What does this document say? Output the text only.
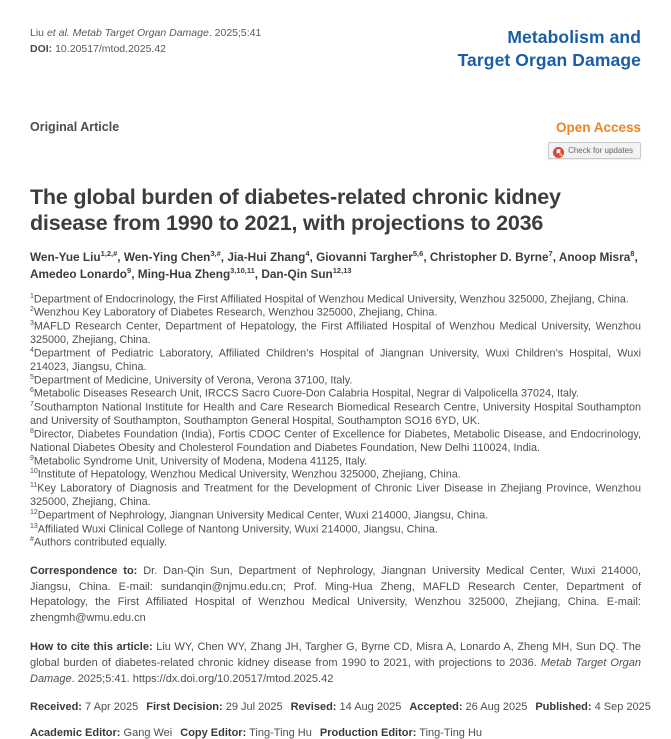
Liu et al. Metab Target Organ Damage. 2025;5:41
DOI: 10.20517/mtod.2025.42
Metabolism and
Target Organ Damage
Original Article	Open Access
Check for updates
The global burden of diabetes-related chronic kidney disease from 1990 to 2021, with projections to 2036

Wen-Yue Liu$^{1,2,\#}$, Wen-Ying Chen$^{3,\#}$, Jia-Hui Zhang$^4$, Giovanni Targher$^{5,6}$, Christopher D. Byrne$^7$, Anoop Misra$^8$, Amedeo Lonardo$^9$, Ming-Hua Zheng$^{3,10,11}$, Dan-Qin Sun$^{12,13}$

$^1$Department of Endocrinology, the First Affiliated Hospital of Wenzhou Medical University, Wenzhou 325000, Zhejiang, China.
$^2$Wenzhou Key Laboratory of Diabetes Research, Wenzhou 325000, Zhejiang, China.
$^3$MAFLD Research Center, Department of Hepatology, the First Affiliated Hospital of Wenzhou Medical University, Wenzhou 325000, Zhejiang, China.
$^4$Department of Pediatric Laboratory, Affiliated Children’s Hospital of Jiangnan University, Wuxi Children’s Hospital, Wuxi 214023, Jiangsu, China.
$^5$Department of Medicine, University of Verona, Verona 37100, Italy.
$^6$Metabolic Diseases Research Unit, IRCCS Sacro Cuore-Don Calabria Hospital, Negrar di Valpolicella 37024, Italy.
$^7$Southampton National Institute for Health and Care Research Biomedical Research Centre, University Hospital Southampton and University of Southampton, Southampton General Hospital, Southampton SO16 6YD, UK.
$^8$Director, Diabetes Foundation (India), Fortis CDOC Center of Excellence for Diabetes, Metabolic Disease, and Endocrinology, National Diabetes Obesity and Cholesterol Foundation and Diabetes Foundation, New Delhi 110024, India.
$^9$Metabolic Syndrome Unit, University of Modena, Modena 41125, Italy.
$^{10}$Institute of Hepatology, Wenzhou Medical University, Wenzhou 325000, Zhejiang, China.
$^{11}$Key Laboratory of Diagnosis and Treatment for the Development of Chronic Liver Disease in Zhejiang Province, Wenzhou 325000, Zhejiang, China.
$^{12}$Department of Nephrology, Jiangnan University Medical Center, Wuxi 214000, Jiangsu, China.
$^{13}$Affiliated Wuxi Clinical College of Nantong University, Wuxi 214000, Jiangsu, China.
#Authors contributed equally.

Correspondence to: Dr. Dan-Qin Sun, Department of Nephrology, Jiangnan University Medical Center, Wuxi 214000, Jiangsu, China. E-mail: sundanqin@njmu.edu.cn; Prof. Ming-Hua Zheng, MAFLD Research Center, Department of Hepatology, the First Affiliated Hospital of Wenzhou Medical University, Wenzhou 325000, Zhejiang, China. E-mail: zhengmh@wmu.edu.cn

How to cite this article: Liu WY, Chen WY, Zhang JH, Targher G, Byrne CD, Misra A, Lonardo A, Zheng MH, Sun DQ. The global burden of diabetes-related chronic kidney disease from 1990 to 2021, with projections to 2036. Metab Target Organ Damage. 2025;5:41. https://dx.doi.org/10.20517/mtod.2025.42

Received: 7 Apr 2025 First Decision: 29 Jul 2025 Revised: 14 Aug 2025 Accepted: 26 Aug 2025 Published: 4 Sep 2025

Academic Editor: Gang Wei Copy Editor: Ting-Ting Hu Production Editor: Ting-Ting Hu
